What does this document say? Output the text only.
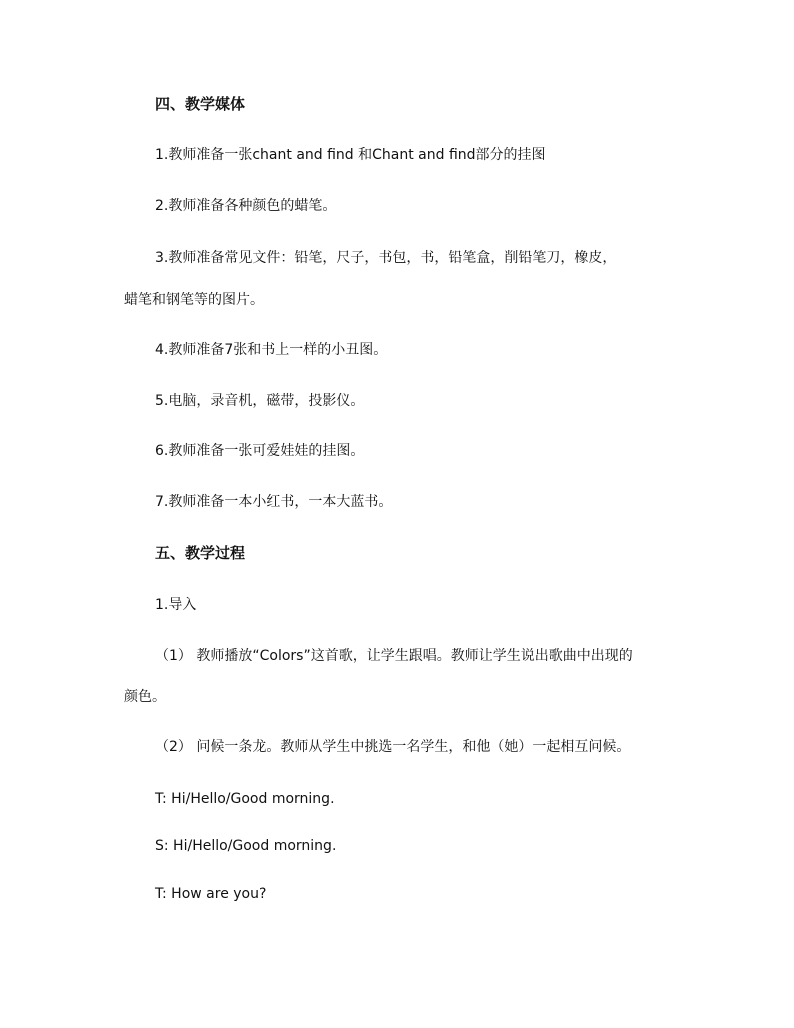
四、教学媒体
1.教师准备一张chant and find 和Chant and find部分的挂图
2.教师准备各种颜色的蜡笔。
3.教师准备常见文件：铅笔，尺子，书包，书，铅笔盒，削铅笔刀，橡皮，
蜡笔和钢笔等的图片。
4.教师准备7张和书上一样的小丑图。
5.电脑，录音机，磁带，投影仪。
6.教师准备一张可爱娃娃的挂图。
7.教师准备一本小红书，一本大蓝书。
五、教学过程
1.导入
（1） 教师播放“Colors”这首歌，让学生跟唱。教师让学生说出歌曲中出现的
颜色。
（2） 问候一条龙。教师从学生中挑选一名学生，和他（她）一起相互问候。
T: Hi/Hello/Good morning.
S: Hi/Hello/Good morning.
T: How are you?
